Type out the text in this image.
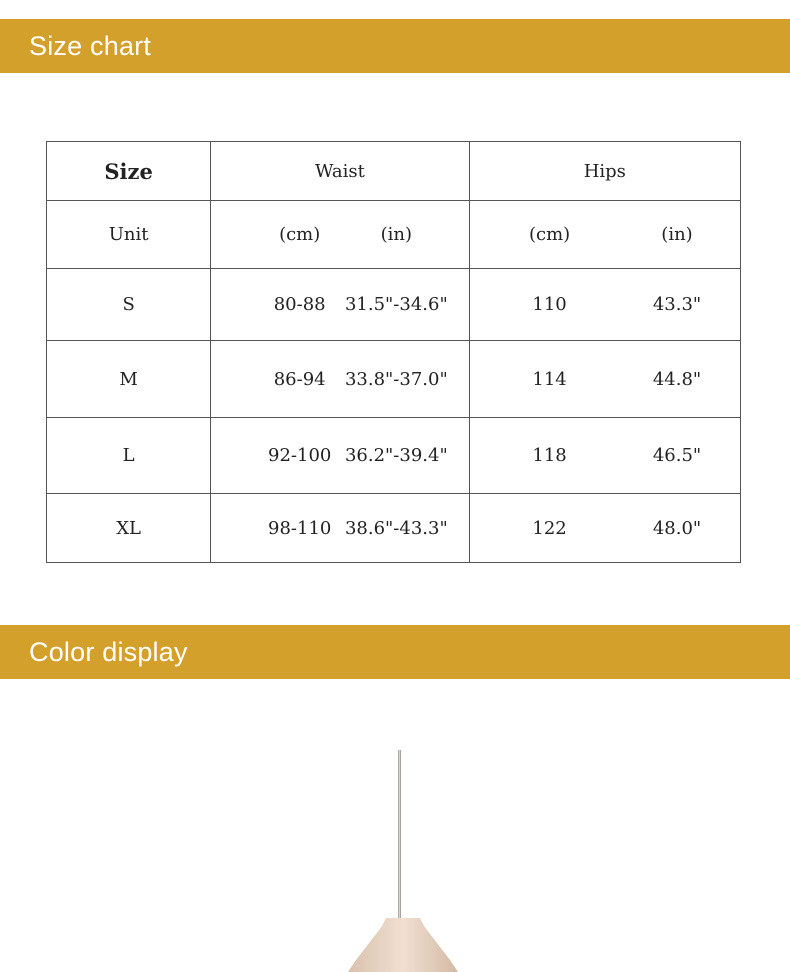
Size chart
Size	Waist	Hips
Unit	(cm) (in)	(cm) (in)

S	80-88 31.5"-34.6"	110 43.3"

M	86-94 33.8"-37.0"	114 44.8"

L	92-100 36.2"-39.4"	118 46.5"

XL	98-110 38.6"-43.3"	122 48.0"
Color display
